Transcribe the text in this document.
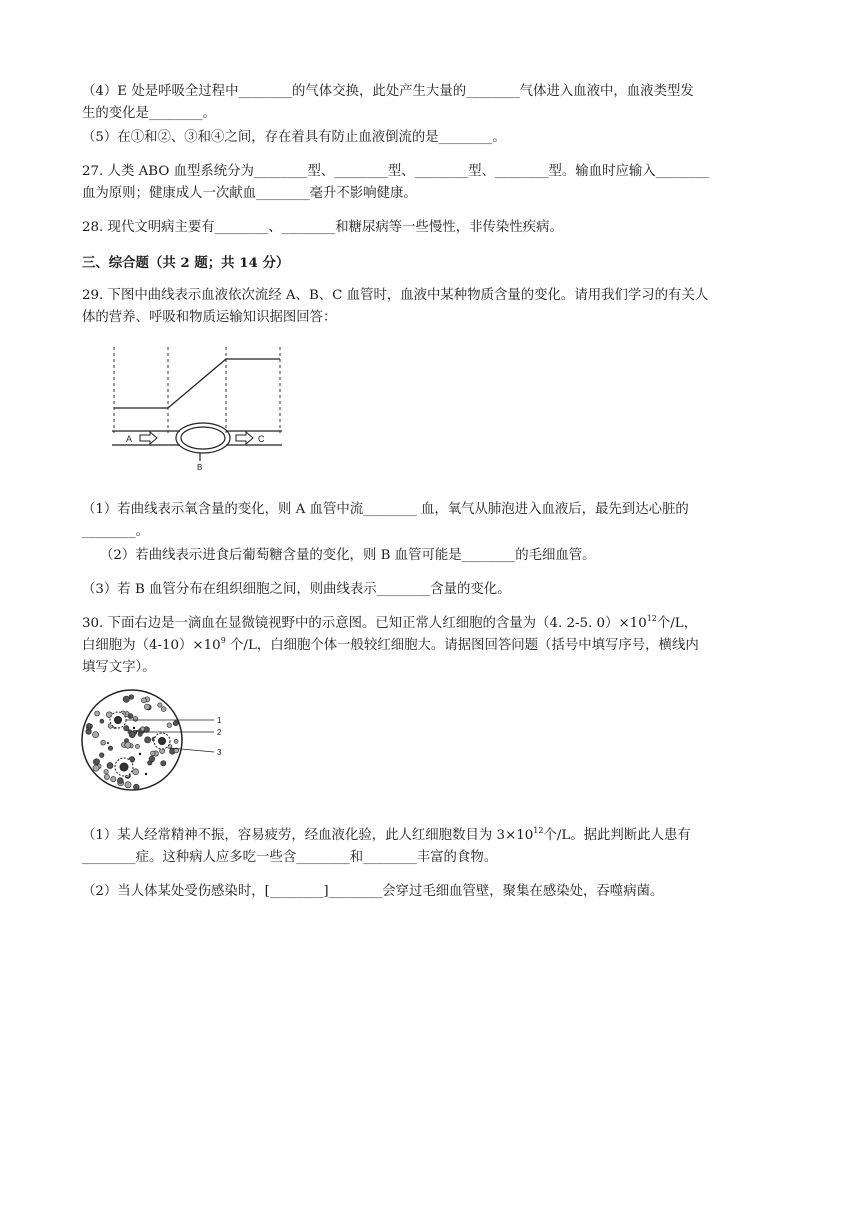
（4）E 处是呼吸全过程中________的气体交换，此处产生大量的________气体进入血液中，血液类型发
生的变化是________。
（5）在①和②、③和④之间，存在着具有防止血液倒流的是________。
27. 人类 ABO 血型系统分为________型、________型、________型、________型。输血时应输入________
血为原则；健康成人一次献血________毫升不影响健康。
28. 现代文明病主要有________、________和糖尿病等一些慢性，非传染性疾病。
三、综合题（共 2 题；共 14 分）
29. 下图中曲线表示血液依次流经 A、B、C 血管时，血液中某种物质含量的变化。请用我们学习的有关人
体的营养、呼吸和物质运输知识据图回答：
A	C
B
（1）若曲线表示氧含量的变化，则 A 血管中流________ 血，氧气从肺泡进入血液后，最先到达心脏的
________。
（2）若曲线表示进食后葡萄糖含量的变化，则 B 血管可能是________的毛细血管。
（3）若 B 血管分布在组织细胞之间，则曲线表示________含量的变化。
30. 下面右边是一滴血在显微镜视野中的示意图。已知正常人红细胞的含量为（4. 2-5. $0)\times 10^{12}$个/L，
白细胞为$(4-10)\times 10^9$ 个/L，白细胞个体一般较红细胞大。请据图回答问题（括号中填写序号，横线内
填写文字）。
1
2
3
（1）某人经常精神不振，容易疲劳，经血液化验，此人红细胞数目为 $3\times 10^{12}$个/L。据此判断此人患有
________症。这种病人应多吃一些含________和________丰富的食物。
（2）当人体某处受伤感染时，[________]________会穿过毛细血管壁，聚集在感染处，吞噬病菌。
